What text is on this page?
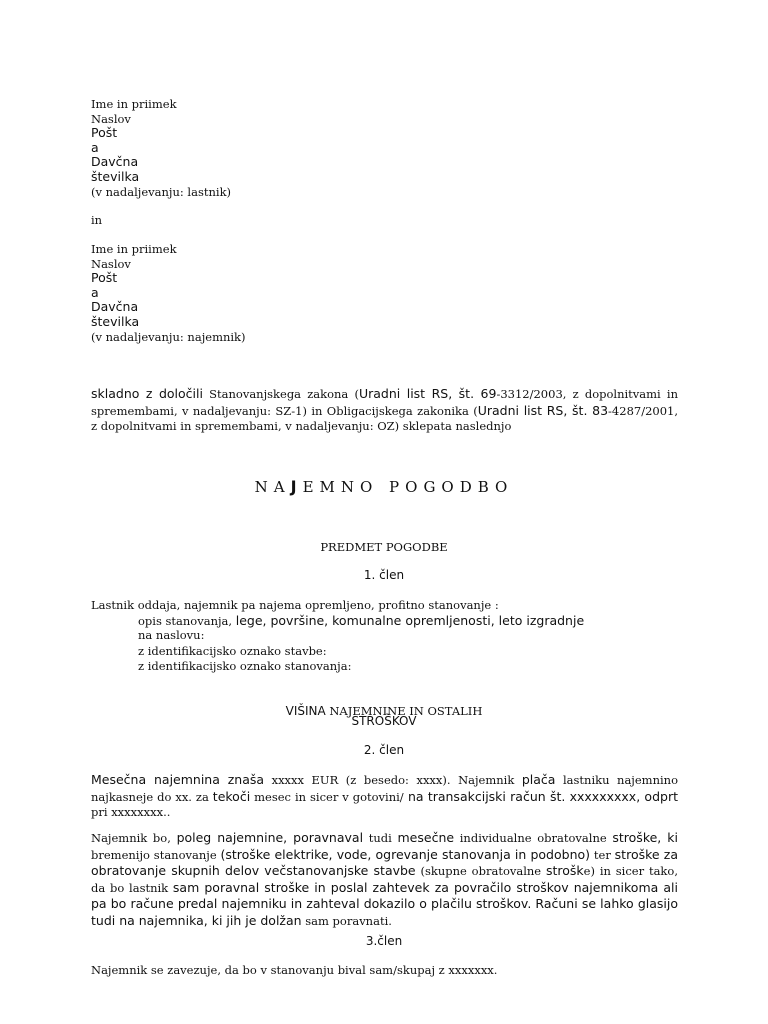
Ime in priimek
Naslov
Pošt
a
Davčna
številka
(v nadaljevanju: lastnik)
in
Ime in priimek
Naslov
Pošt
a
Davčna
številka
(v nadaljevanju: najemnik)
skladno z določili Stanovanjskega zakona (Uradni list RS, št. 69-3312/2003, z dopolnitvami in spremembami, v nadaljevanju: SZ-1) in Obligacijskega zakonika (Uradni list RS, št. 83-4287/2001, z dopolnitvami in spremembami, v nadaljevanju: OZ) sklepata naslednjo
NAJEMNO POGODBO
PREDMET POGODBE
1. člen
Lastnik oddaja, najemnik pa najema opremljeno, profitno stanovanje :
opis stanovanja, lege, površine, komunalne opremljenosti, leto izgradnje
na naslovu:
z identifikacijsko oznako stavbe:
z identifikacijsko oznako stanovanja:
VIŠINA NAJEMNINE IN OSTALIH
STROŠKOV
2. člen
Mesečna najemnina znaša xxxxx EUR (z besedo: xxxx). Najemnik plača lastniku najemnino najkasneje do xx. za tekoči mesec in sicer v gotovini/ na transakcijski račun št. xxxxxxxxx, odprt pri xxxxxxxx..
Najemnik bo, poleg najemnine, poravnaval tudi mesečne individualne obratovalne stroške, ki bremenijo stanovanje (stroške elektrike, vode, ogrevanje stanovanja in podobno) ter stroške za obratovanje skupnih delov večstanovanjske stavbe (skupne obratovalne stroške) in sicer tako, da bo lastnik sam poravnal stroške in poslal zahtevek za povračilo stroškov najemnikoma ali pa bo račune predal najemniku in zahteval dokazilo o plačilu stroškov. Računi se lahko glasijo tudi na najemnika, ki jih je dolžan sam poravnati.
3.člen
Najemnik se zavezuje, da bo v stanovanju bival sam/skupaj z xxxxxxx.
